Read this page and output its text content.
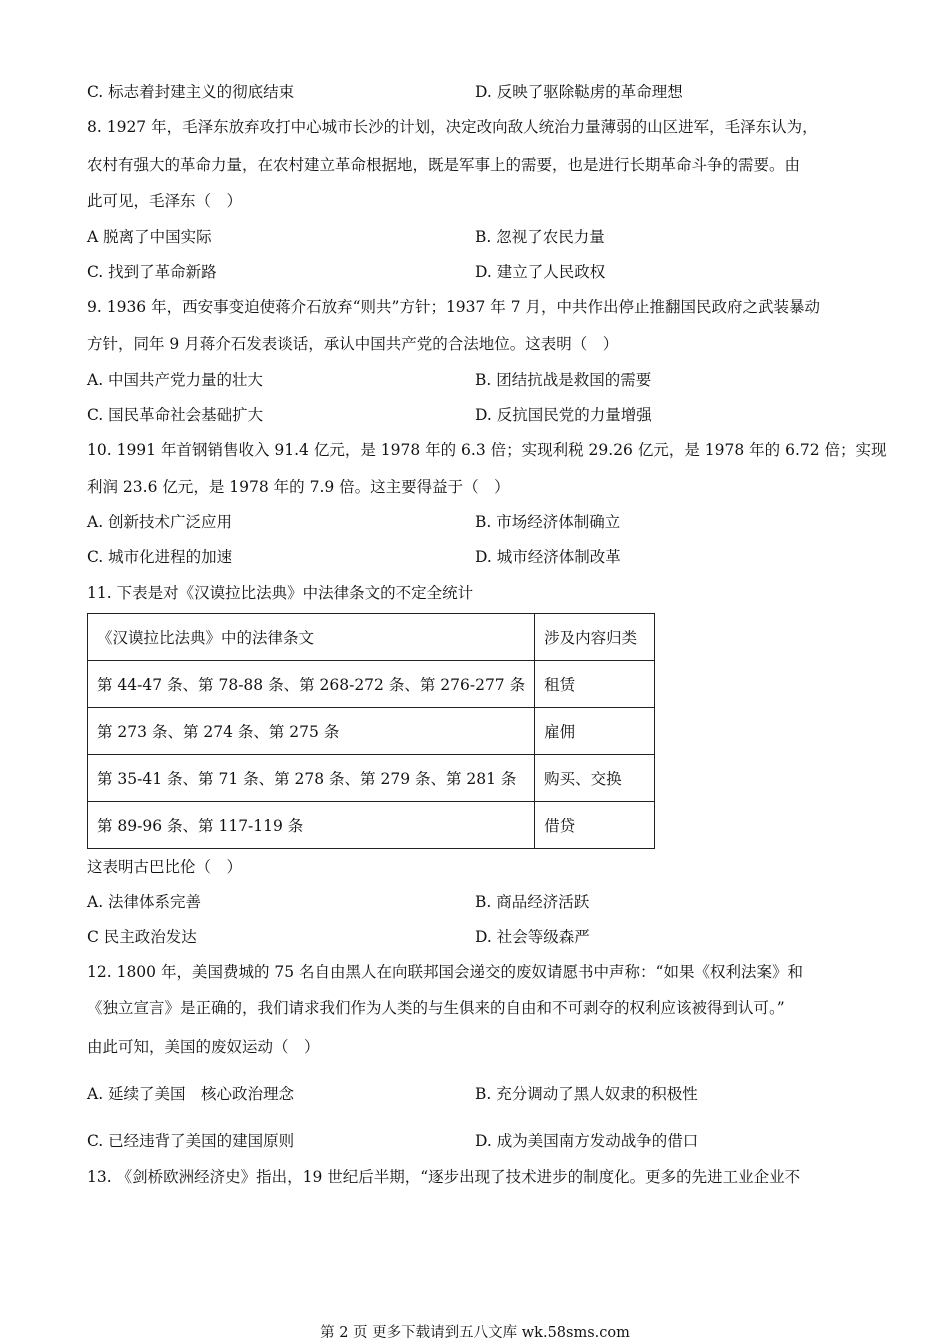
C. 标志着封建主义的彻底结束	D. 反映了驱除鞑虏的革命理想
8. 1927 年，毛泽东放弃攻打中心城市长沙的计划，决定改向敌人统治力量薄弱的山区进军，毛泽东认为，
农村有强大的革命力量，在农村建立革命根据地，既是军事上的需要，也是进行长期革命斗争的需要。由
此可见，毛泽东（　）
A 脱离了中国实际	B. 忽视了农民力量
C. 找到了革命新路	D. 建立了人民政权
9. 1936 年，西安事变迫使蒋介石放弃“则共”方针；1937 年 7 月，中共作出停止推翻国民政府之武装暴动
方针，同年 9 月蒋介石发表谈话，承认中国共产党的合法地位。这表明（　）
A. 中国共产党力量的壮大	B. 团结抗战是救国的需要
C. 国民革命社会基础扩大	D. 反抗国民党的力量增强
10. 1991 年首钢销售收入 91.4 亿元，是 1978 年的 6.3 倍；实现利税 29.26 亿元，是 1978 年的 6.72 倍；实现
利润 23.6 亿元，是 1978 年的 7.9 倍。这主要得益于（　）
A. 创新技术广泛应用	B. 市场经济体制确立
C. 城市化进程的加速	D. 城市经济体制改革
11. 下表是对《汉谟拉比法典》中法律条文的不定全统计
《汉谟拉比法典》中的法律条文	涉及内容归类
第 44-47 条、第 78-88 条、第 268-272 条、第 276-277 条	租赁
第 273 条、第 274 条、第 275 条	雇佣
第 35-41 条、第 71 条、第 278 条、第 279 条、第 281 条	购买、交换
第 89-96 条、第 117-119 条	借贷
这表明古巴比伦（　）
A. 法律体系完善	B. 商品经济活跃
C 民主政治发达	D. 社会等级森严
12. 1800 年，美国费城的 75 名自由黑人在向联邦国会递交的废奴请愿书中声称：“如果《权利法案》和
《独立宣言》是正确的，我们请求我们作为人类的与生俱来的自由和不可剥夺的权利应该被得到认可。”
由此可知，美国的废奴运动（　）
A. 延续了美国　核心政治理念	B. 充分调动了黑人奴隶的积极性
C. 已经违背了美国的建国原则	D. 成为美国南方发动战争的借口
13. 《剑桥欧洲经济史》指出，19 世纪后半期，“逐步出现了技术进步的制度化。更多的先进工业企业不
第 2 页 更多下载请到五八文库 wk.58sms.com
